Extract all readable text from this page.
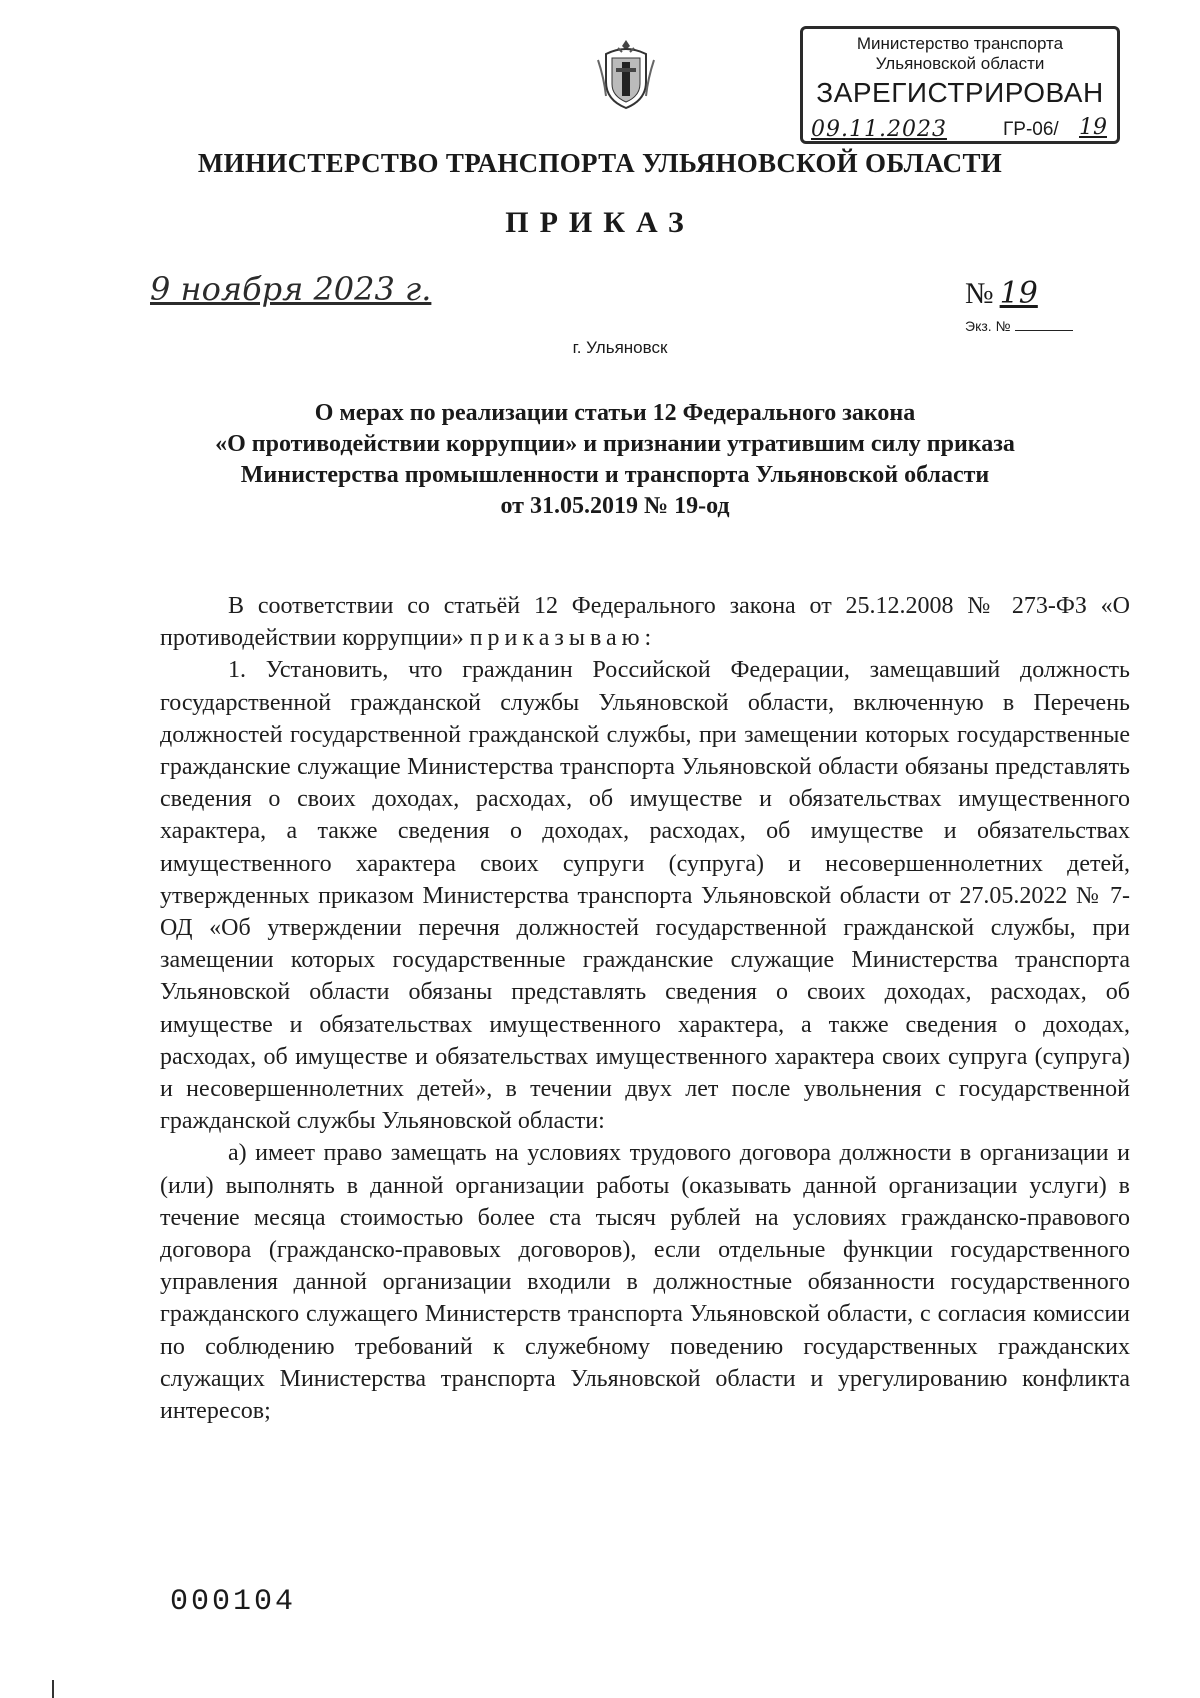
Министерство транспорта
Ульяновской области
ЗАРЕГИСТРИРОВАН
09.11.2023	ГР-06/ 19
МИНИСТЕРСТВО ТРАНСПОРТА УЛЬЯНОВСКОЙ ОБЛАСТИ
ПРИКАЗ
9 ноября 2023 г.	№ 19
Экз. №
г. Ульяновск
О мерах по реализации статьи 12 Федерального закона
«О противодействии коррупции» и признании утратившим силу приказа
Министерства промышленности и транспорта Ульяновской области
от 31.05.2019 № 19-од

В соответствии со статьёй 12 Федерального закона от 25.12.2008 № 273-ФЗ «О противодействии коррупции» приказываю:

1. Установить, что гражданин Российской Федерации, замещавший должность государственной гражданской службы Ульяновской области, включенную в Перечень должностей государственной гражданской службы, при замещении которых государственные гражданские служащие Министерства транспорта Ульяновской области обязаны представлять сведения о своих доходах, расходах, об имуществе и обязательствах имущественного характера, а также сведения о доходах, расходах, об имуществе и обязательствах имущественного характера своих супруги (супруга) и несовершеннолетних детей, утвержденных приказом Министерства транспорта Ульяновской области от 27.05.2022 № 7-ОД «Об утверждении перечня должностей государственной гражданской службы, при замещении которых государственные гражданские служащие Министерства транспорта Ульяновской области обязаны представлять сведения о своих доходах, расходах, об имуществе и обязательствах имущественного характера, а также сведения о доходах, расходах, об имуществе и обязательствах имущественного характера своих супруга (супруга) и несовершеннолетних детей», в течении двух лет после увольнения с государственной гражданской службы Ульяновской области:

а) имеет право замещать на условиях трудового договора должности в организации и (или) выполнять в данной организации работы (оказывать данной организации услуги) в течение месяца стоимостью более ста тысяч рублей на условиях гражданско-правового договора (гражданско-правовых договоров), если отдельные функции государственного управления данной организации входили в должностные обязанности государственного гражданского служащего Министерств транспорта Ульяновской области, с согласия комиссии по соблюдению требований к служебному поведению государственных гражданских служащих Министерства транспорта Ульяновской области и урегулированию конфликта интересов;

000104
